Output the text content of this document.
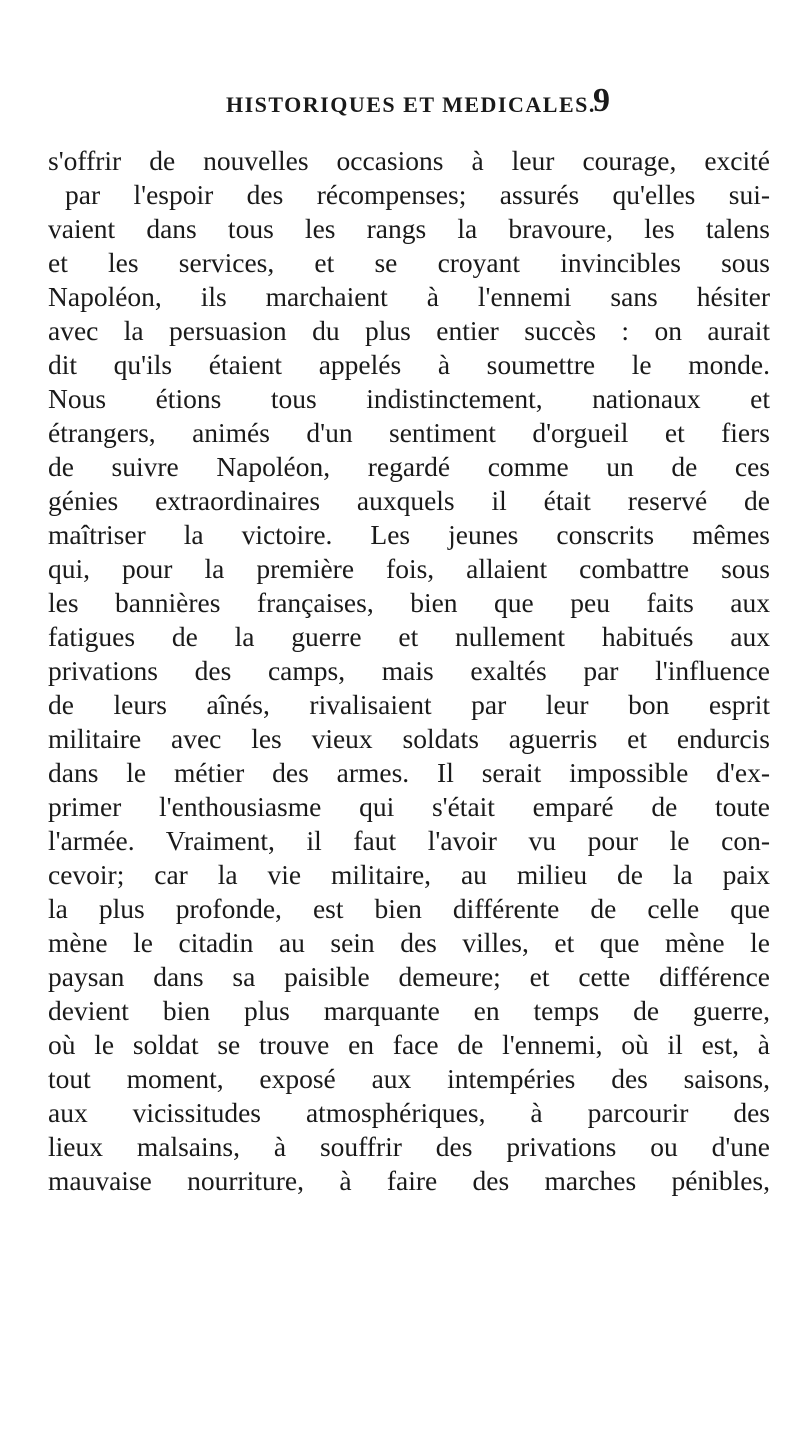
HISTORIQUES ET MEDICALES.
9
s'offrir de nouvelles occasions à leur courage, excité
par l'espoir des récompenses; assurés qu'elles sui-
vaient dans tous les rangs la bravoure, les talens
et les services, et se croyant invincibles sous
Napoléon, ils marchaient à l'ennemi sans hésiter
avec la persuasion du plus entier succès : on aurait
dit qu'ils étaient appelés à soumettre le monde.
Nous étions tous indistinctement, nationaux et
étrangers, animés d'un sentiment d'orgueil et fiers
de suivre Napoléon, regardé comme un de ces
génies extraordinaires auxquels il était reservé de
maîtriser la victoire. Les jeunes conscrits mêmes
qui, pour la première fois, allaient combattre sous
les bannières françaises, bien que peu faits aux
fatigues de la guerre et nullement habitués aux
privations des camps, mais exaltés par l'influence
de leurs aînés, rivalisaient par leur bon esprit
militaire avec les vieux soldats aguerris et endurcis
dans le métier des armes. Il serait impossible d'ex-
primer l'enthousiasme qui s'était emparé de toute
l'armée. Vraiment, il faut l'avoir vu pour le con-
cevoir; car la vie militaire, au milieu de la paix
la plus profonde, est bien différente de celle que
mène le citadin au sein des villes, et que mène le
paysan dans sa paisible demeure; et cette différence
devient bien plus marquante en temps de guerre,
où le soldat se trouve en face de l'ennemi, où il est, à
tout moment, exposé aux intempéries des saisons,
aux vicissitudes atmosphériques, à parcourir des
lieux malsains, à souffrir des privations ou d'une
mauvaise nourriture, à faire des marches pénibles,
